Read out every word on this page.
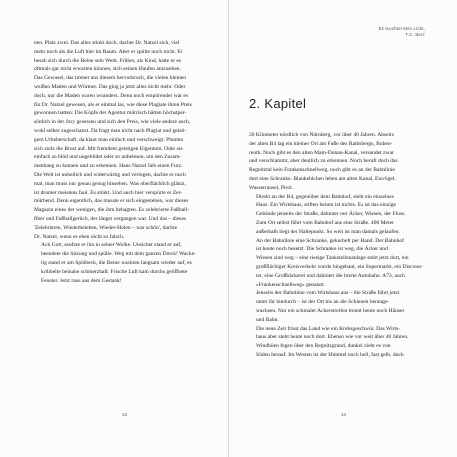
nen. Platz zwei. Das alles stinkt doch, dachte Dr. Natzel sich, viel
mehr noch als die Luft hier im Raum. Aber er spülte noch nicht. Er
besah sich durch die Beine sein Werk. Früher, als Kind, hatte er es
oftmals gar nicht erwarten können, sich seinen Haufen anzusehen.
Das Gewusel, das immer aus diesem hervorkroch, die vielen kleinen
weißen Maden und Würmer. Das ging ja jetzt alles nicht mehr. Oder
doch, nur die Maden waren woanders. Denn noch empörender war es
für Dr. Natzel gewesen, als er einmal las, wie diese Plagiate ihren Preis
gewonnen hatten: Die Köpfe der Agentur mürrisch hätten höchstper-
sönlich in der Jury gesessen und sich den Preis, wie viele andere auch,
wohl selber zugeschanzt. Da fragt man nicht nach Plagiat und geisti-
gem Urheberschaft, da klaut man einfach und verschweigt. Plunten
sich stolz die Brust auf. Mit fremdem geistigen Eigentum. Oder sie
einfach so blöd und ungebildet oder so unbelesen, um den Zusam-
menhang zu kennen und zu erkennen. Hans Natzel lieb einen Furz.
Die Welt ist unheilich und widerwärtig und verlogen, dachte er noch
mal, man muss nur genau genug hinsehen. Was oberflächlich glänzt,
ist drunter meistens faul. Es stinkt. Und auch hier verspürte er Zer-
mürbend. Denn eigentlich, das musste er sich eingestehen, war dieses
Magazin eines der wenigen, die ihm behagten. Es zelebrierte Fußball-
fiber und Fußballgerüch, der längst vergangen war. Und das – dieses
'Zelebrieren, Wiederbeleben, Wieder-Holen – war schön', dachte
Dr. Natzel, wenn es eben nicht so falsch.

Ach Gott, seufzte er ihn in seiner Wolke. Unsicher stand er auf,
beendete die Sitzung und spülte. Weg mit dem ganzen Dreck! Wacke-
lig stand er am Spülbeck, die Beine wackten langsam wieder auf, es
kribbelte beinahe schmerzhaft. Frische Luft kam durchs geöffnete
Fenster. Jetzt raus aus dem Gestank!

13
Es leuchtet kein Licht,
T.C. Berz
2. Kapitel

20 Kilometer nördlich von Nürnberg, vor über 40 Jahren. Abseits
der alten B4 lag ein kleiner Ort am Fuße des Rathsbergs, Buben-
reuth. Noch gibt es den alten Main-Donau-Kanal, versandet zwar
und verschlammt, aber deutlich zu erkennen. Noch beruft doch das
Regnitztal kein Frankenschnellweg, noch gibt es an der Bahnlinie
dort eine Schranke. Blaukehlchen leben am alten Kanal, Eisvögel,
Wasserrausel, Pirol.

Direkt an der B4, gegenüber dem Bahnhof, steht ein einzelnes
Haus. Ein Wirtshaus, stiften herum ist nichts. Es ist das einzige
Gebäude jenseits der Straße, dahinter nur Äcker, Wiesen, der Fluss.
Zum Ort selbst führt vom Bahnhof aus eine Straße. 400 Meter
außerhalb liegt der Haltepunkt. So weit ist man damals gelaufen.

An der Bahnlinie eine Schranke, gekurbelt per Hand. Der Bahnhof
ist heute noch besetzt. Die Schranke ist weg, die Äcker und
Wiesen sind weg – eine riesige Tankstellenanlage steht jetzt dort, ein
großflächiger Kreisverkehr wurde hingebaut, ein Supermarkt, ein Discoun-
ter, eine Großbäckerei und dahinter die breite Autobahn. A73, auch
»Frankenschnellweg« genannt.

Jenseits der Bahnlinie vom Wirtshaus aus – die Straße führt jetzt
unter ihr hindurch – ist der Ort bis an die Schienen herange-
wachsen. Nur ein schmaler Ackerstreifen trennt heute noch Häuser
und Bahn.

Die neue Zeit frisst das Land wie ein Krebsgeschwür. Das Wirts-
haus aber steht heute noch dort. Ebenso wie vor weit über 40 Jahren.
Windböen fegen über den Regnitzgrund, dunkel zieht es von
Süden herauf. Im Westen ist der Himmel noch hell, fast gelb, doch

14
